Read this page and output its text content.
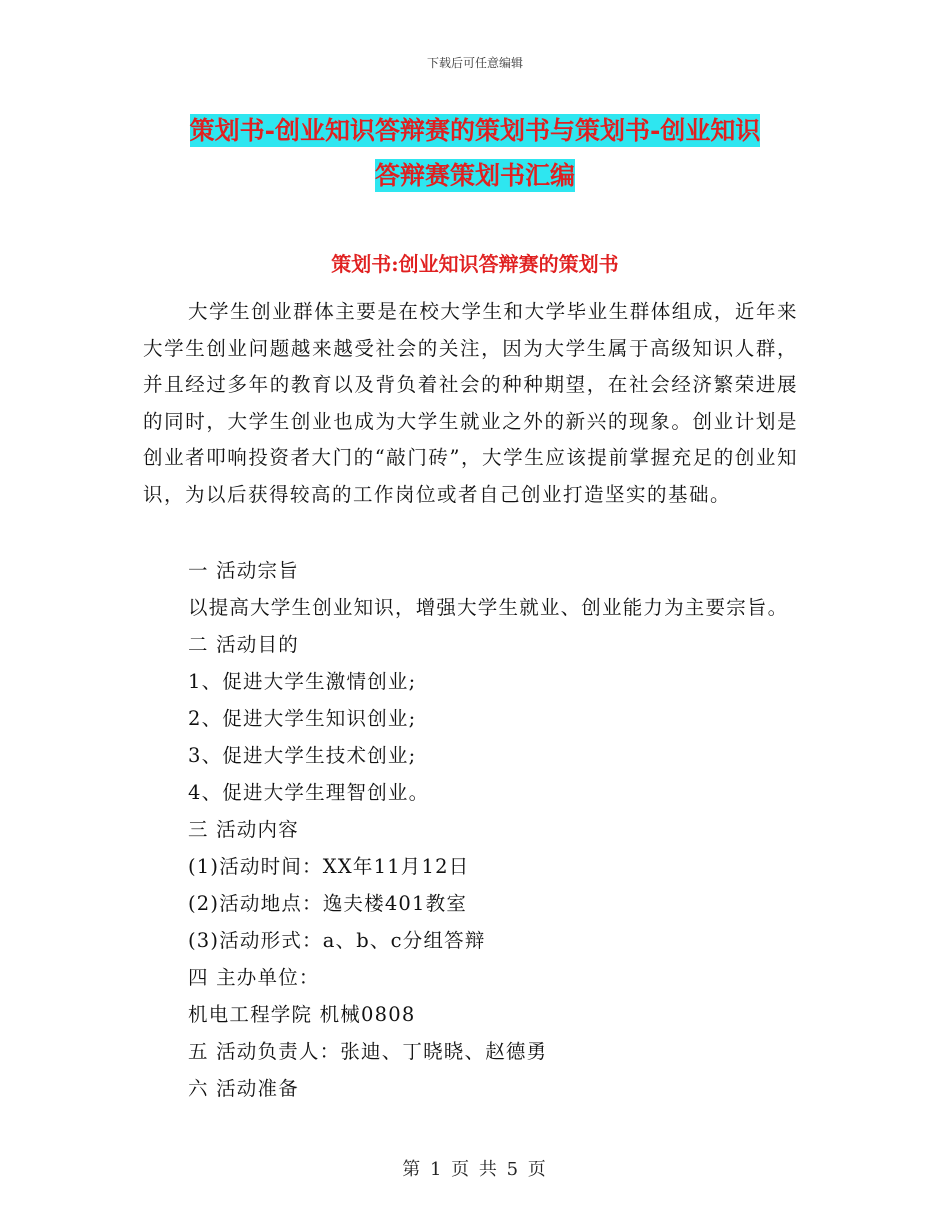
下载后可任意编辑
策划书-创业知识答辩赛的策划书与策划书-创业知识
答辩赛策划书汇编
策划书:创业知识答辩赛的策划书

大学生创业群体主要是在校大学生和大学毕业生群体组成，近年来大学生创业问题越来越受社会的关注，因为大学生属于高级知识人群，并且经过多年的教育以及背负着社会的种种期望，在社会经济繁荣进展的同时，大学生创业也成为大学生就业之外的新兴的现象。创业计划是创业者叩响投资者大门的“敲门砖”，大学生应该提前掌握充足的创业知识，为以后获得较高的工作岗位或者自己创业打造坚实的基础。

一 活动宗旨
以提高大学生创业知识，增强大学生就业、创业能力为主要宗旨。
二 活动目的
1、促进大学生激情创业;
2、促进大学生知识创业;
3、促进大学生技术创业;
4、促进大学生理智创业。
三 活动内容
(1)活动时间：XX年11月12日
(2)活动地点：逸夫楼401教室
(3)活动形式：a、b、c分组答辩
四 主办单位：
机电工程学院 机械0808
五 活动负责人：张迪、丁晓晓、赵德勇
六 活动准备
第 1 页 共 5 页
